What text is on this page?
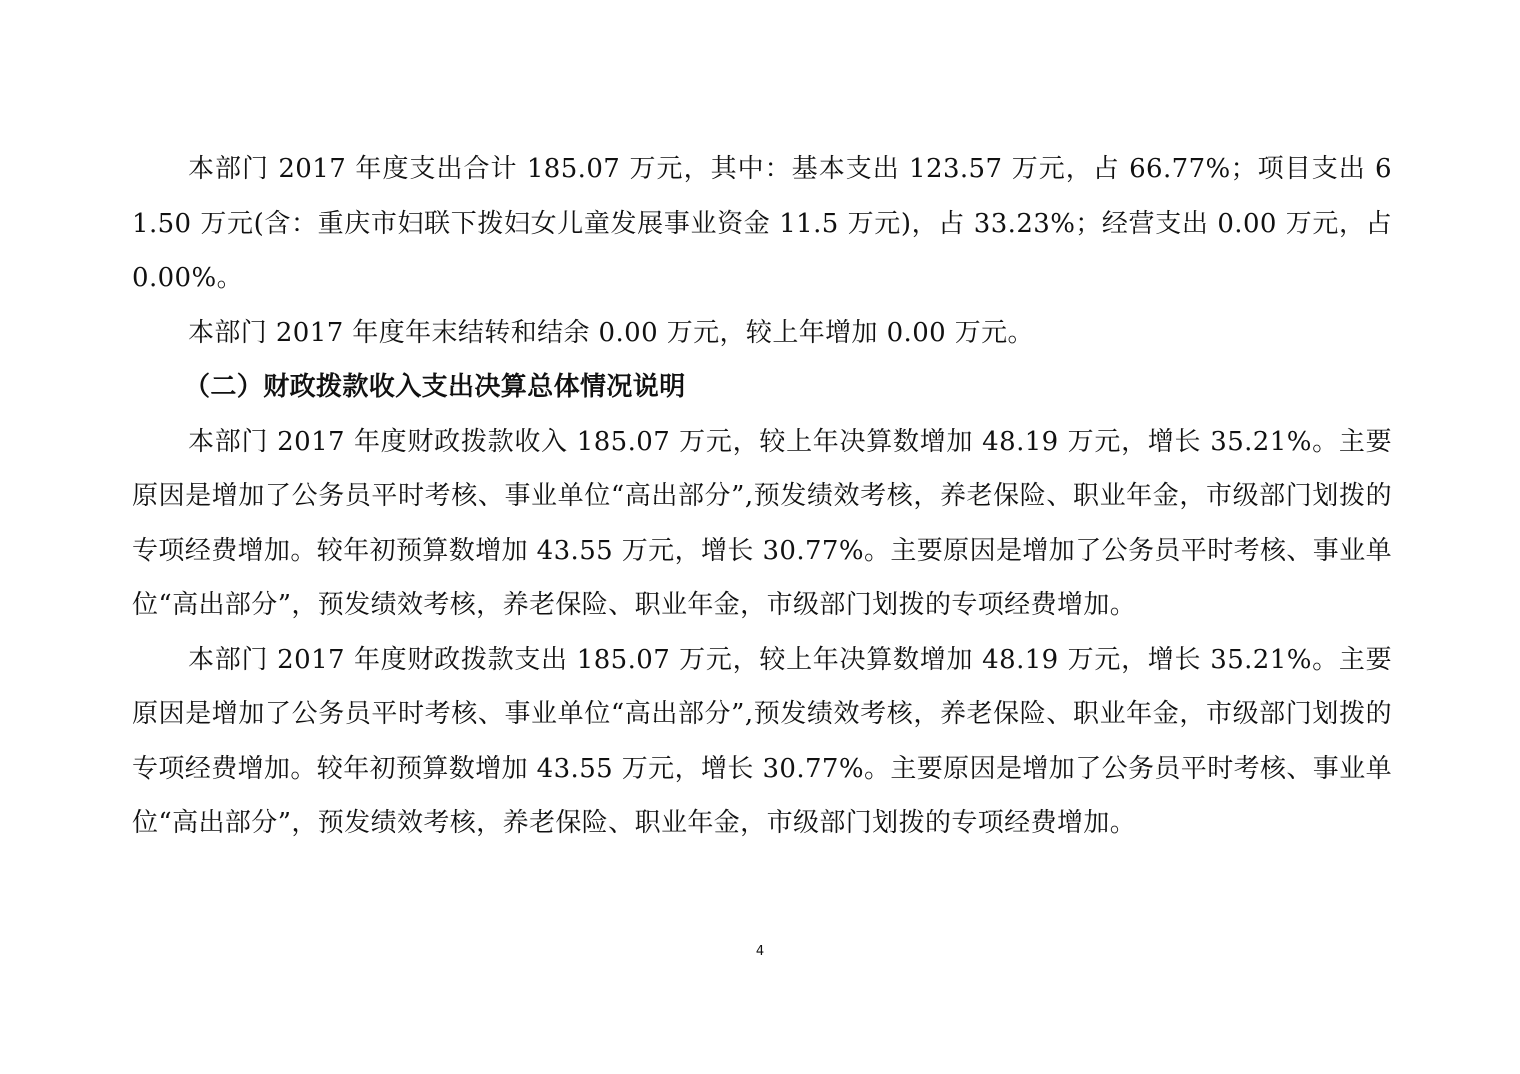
本部门 2017 年度支出合计 185.07 万元，其中：基本支出 123.57 万元，占 66.77%；项目支出 61.50 万元(含：重庆市妇联下拨妇女儿童发展事业资金 11.5 万元)，占 33.23%；经营支出 0.00 万元，占 0.00%。

本部门 2017 年度年末结转和结余 0.00 万元，较上年增加 0.00 万元。

（二）财政拨款收入支出决算总体情况说明

本部门 2017 年度财政拨款收入 185.07 万元，较上年决算数增加 48.19 万元，增长 35.21%。主要原因是增加了公务员平时考核、事业单位“高出部分”,预发绩效考核，养老保险、职业年金，市级部门划拨的专项经费增加。较年初预算数增加 43.55 万元，增长 30.77%。主要原因是增加了公务员平时考核、事业单位“高出部分”，预发绩效考核，养老保险、职业年金，市级部门划拨的专项经费增加。

本部门 2017 年度财政拨款支出 185.07 万元，较上年决算数增加 48.19 万元，增长 35.21%。主要原因是增加了公务员平时考核、事业单位“高出部分”,预发绩效考核，养老保险、职业年金，市级部门划拨的专项经费增加。较年初预算数增加 43.55 万元，增长 30.77%。主要原因是增加了公务员平时考核、事业单位“高出部分”，预发绩效考核，养老保险、职业年金，市级部门划拨的专项经费增加。

4
